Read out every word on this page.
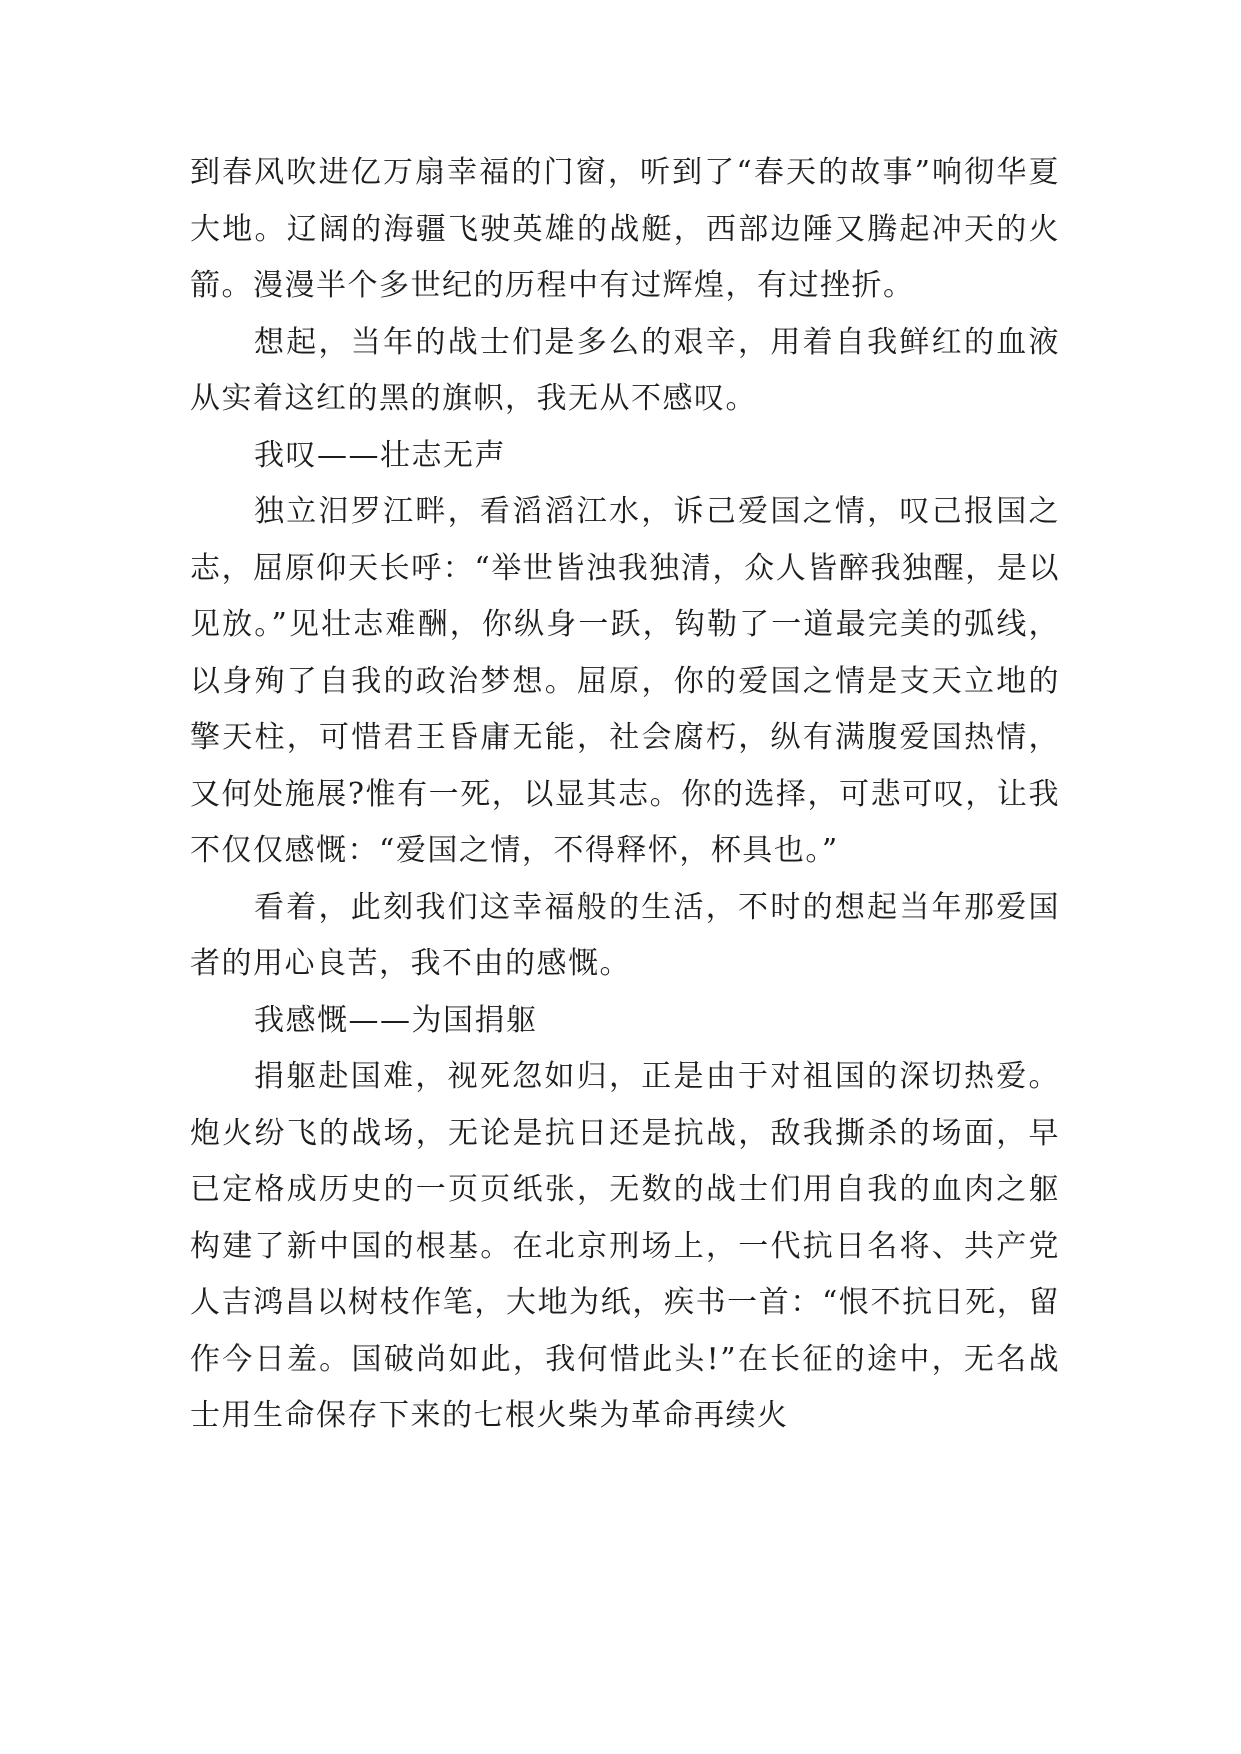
到春风吹进亿万扇幸福的门窗，听到了“春天的故事”响彻华夏大地。辽阔的海疆飞驶英雄的战艇，西部边陲又腾起冲天的火箭。漫漫半个多世纪的历程中有过辉煌，有过挫折。

想起，当年的战士们是多么的艰辛，用着自我鲜红的血液从实着这红的黑的旗帜，我无从不感叹。

我叹——壮志无声

独立汨罗江畔，看滔滔江水，诉己爱国之情，叹己报国之志，屈原仰天长呼：“举世皆浊我独清，众人皆醉我独醒，是以见放。”见壮志难酬，你纵身一跃，钩勒了一道最完美的弧线，以身殉了自我的政治梦想。屈原，你的爱国之情是支天立地的擎天柱，可惜君王昏庸无能，社会腐朽，纵有满腹爱国热情，又何处施展?惟有一死，以显其志。你的选择，可悲可叹，让我不仅仅感慨：“爱国之情，不得释怀，杯具也。”

看着，此刻我们这幸福般的生活，不时的想起当年那爱国者的用心良苦，我不由的感慨。

我感慨——为国捐躯

捐躯赴国难，视死忽如归，正是由于对祖国的深切热爱。炮火纷飞的战场，无论是抗日还是抗战，敌我撕杀的场面，早已定格成历史的一页页纸张，无数的战士们用自我的血肉之躯构建了新中国的根基。在北京刑场上，一代抗日名将、共产党人吉鸿昌以树枝作笔，大地为纸，疾书一首：“恨不抗日死，留作今日羞。国破尚如此，我何惜此头!”在长征的途中，无名战士用生命保存下来的七根火柴为革命再续火
